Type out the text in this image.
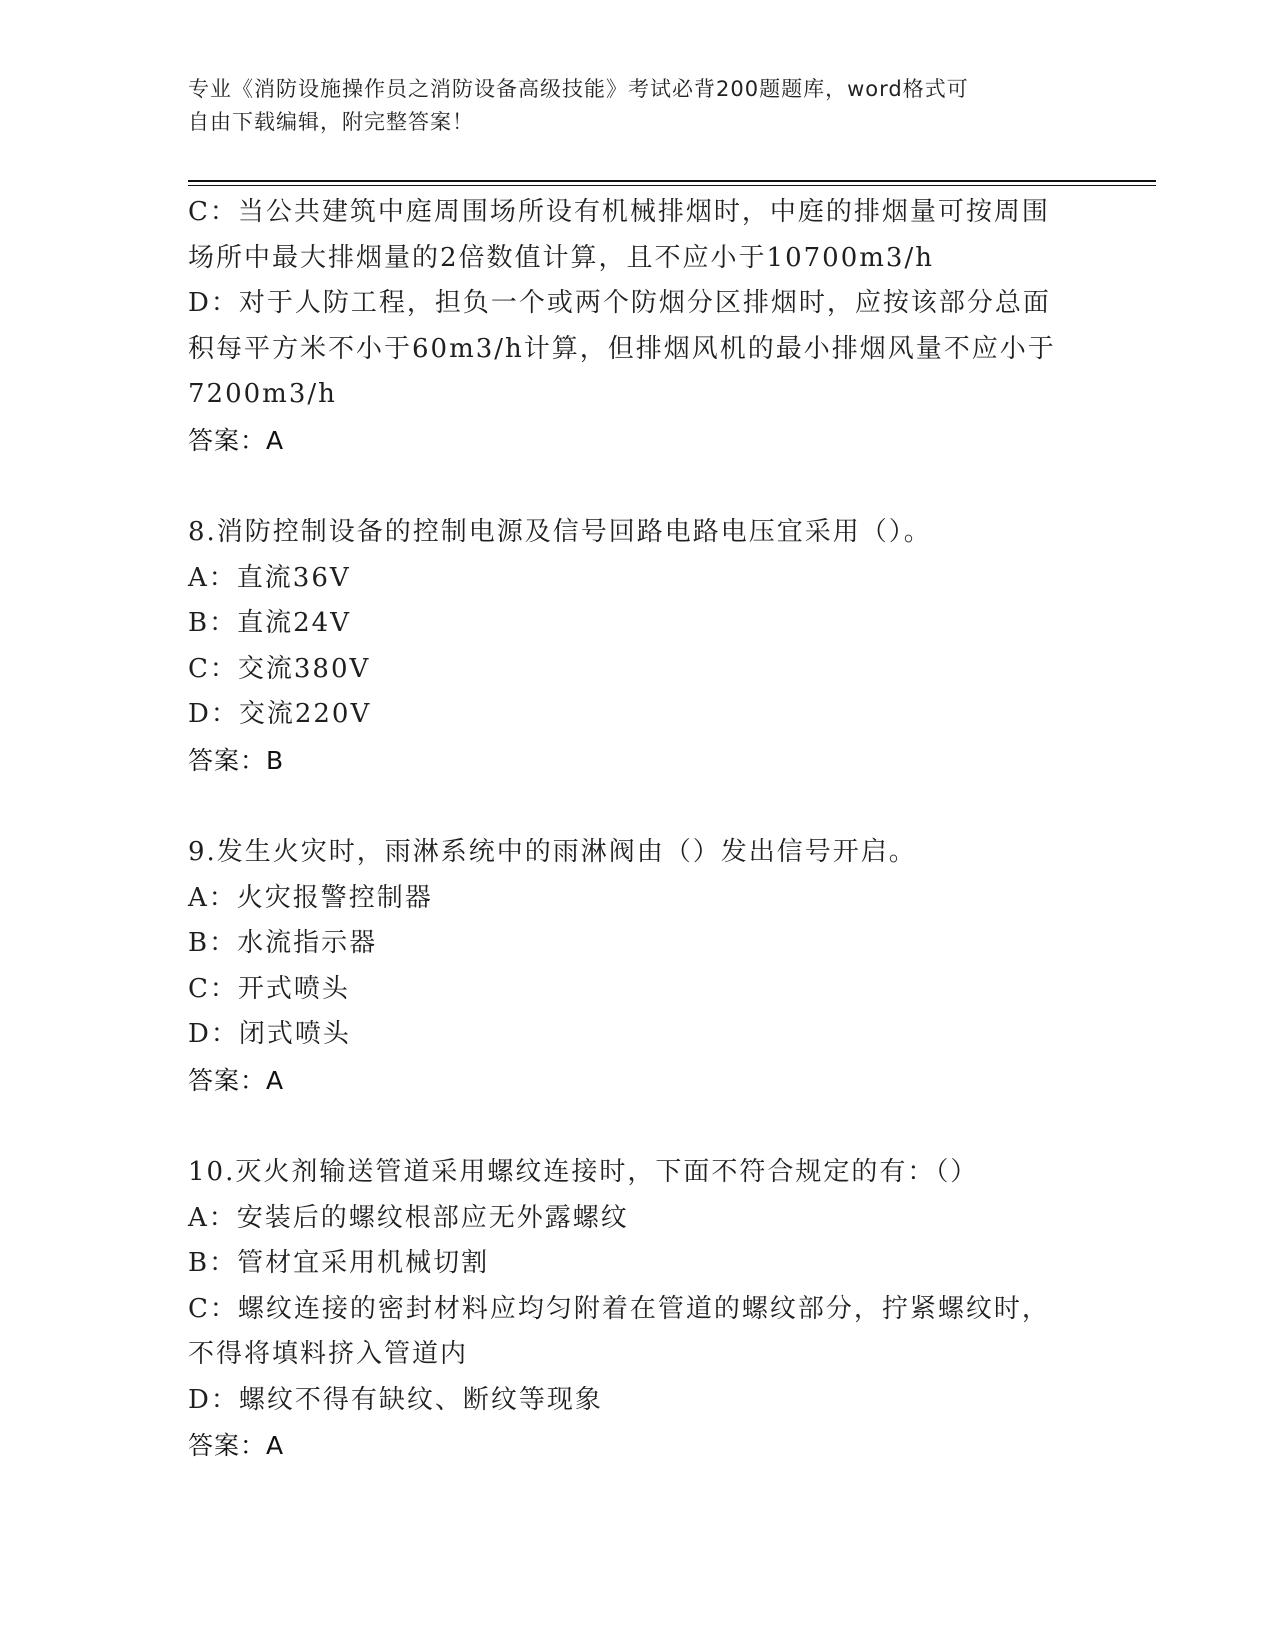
专业《消防设施操作员之消防设备高级技能》考试必背200题题库，word格式可
自由下载编辑，附完整答案！
C：当公共建筑中庭周围场所设有机械排烟时，中庭的排烟量可按周围
场所中最大排烟量的2倍数值计算，且不应小于10700m3/h
D：对于人防工程，担负一个或两个防烟分区排烟时，应按该部分总面
积每平方米不小于60m3/h计算，但排烟风机的最小排烟风量不应小于
7200m3/h
答案：A
8.消防控制设备的控制电源及信号回路电路电压宜采用（）。
A：直流36V
B：直流24V
C：交流380V
D：交流220V
答案：B
9.发生火灾时，雨淋系统中的雨淋阀由（）发出信号开启。
A：火灾报警控制器
B：水流指示器
C：开式喷头
D：闭式喷头
答案：A
10.灭火剂输送管道采用螺纹连接时，下面不符合规定的有：（）
A：安装后的螺纹根部应无外露螺纹
B：管材宜采用机械切割
C：螺纹连接的密封材料应均匀附着在管道的螺纹部分，拧紧螺纹时，
不得将填料挤入管道内
D：螺纹不得有缺纹、断纹等现象
答案：A
